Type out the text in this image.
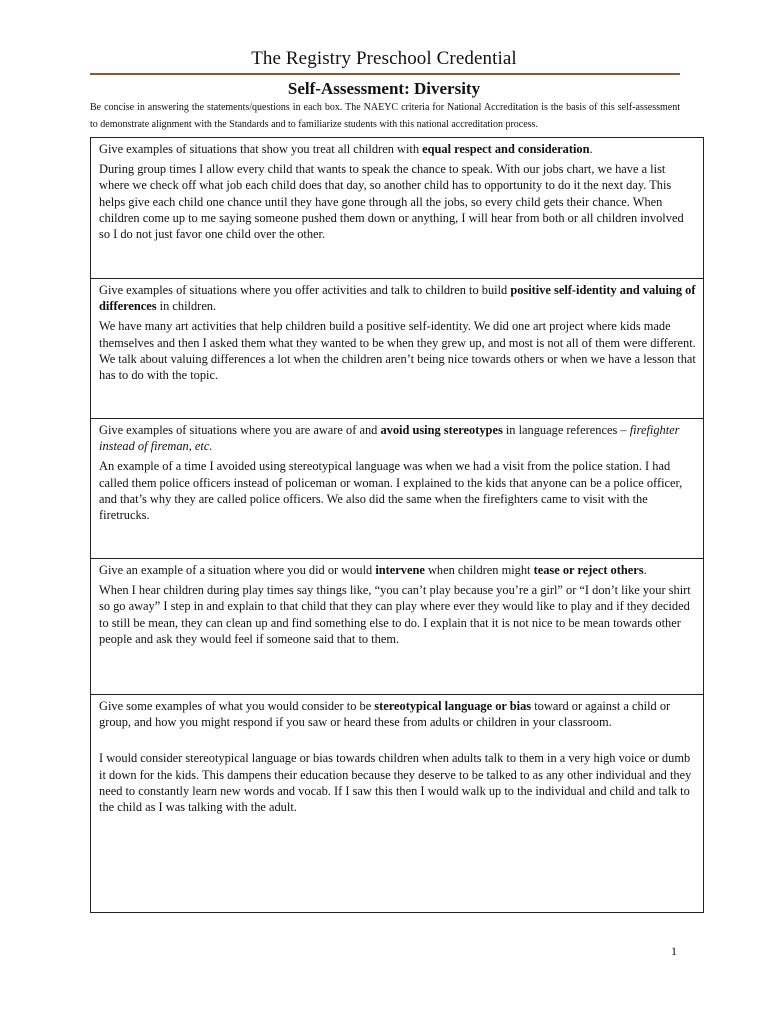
The Registry Preschool Credential
Self-Assessment: Diversity
Be concise in answering the statements/questions in each box. The NAEYC criteria for National Accreditation is the basis of this self-assessment to demonstrate alignment with the Standards and to familiarize students with this national accreditation process.

Give examples of situations that show you treat all children with equal respect and consideration.

During group times I allow every child that wants to speak the chance to speak. With our jobs chart, we have a list where we check off what job each child does that day, so another child has to opportunity to do it the next day. This helps give each child one chance until they have gone through all the jobs, so every child gets their chance. When children come up to me saying someone pushed them down or anything, I will hear from both or all children involved so I do not just favor one child over the other.

Give examples of situations where you offer activities and talk to children to build positive self-identity and valuing of differences in children.

We have many art activities that help children build a positive self-identity. We did one art project where kids made themselves and then I asked them what they wanted to be when they grew up, and most is not all of them were different. We talk about valuing differences a lot when the children aren’t being nice towards others or when we have a lesson that has to do with the topic.

Give examples of situations where you are aware of and avoid using stereotypes in language references – firefighter instead of fireman, etc.

An example of a time I avoided using stereotypical language was when we had a visit from the police station. I had called them police officers instead of policeman or woman. I explained to the kids that anyone can be a police officer, and that’s why they are called police officers. We also did the same when the firefighters came to visit with the firetrucks.

Give an example of a situation where you did or would intervene when children might tease or reject others.

When I hear children during play times say things like, “you can’t play because you’re a girl” or “I don’t like your shirt so go away” I step in and explain to that child that they can play where ever they would like to play and if they decided to still be mean, they can clean up and find something else to do. I explain that it is not nice to be mean towards other people and ask they would feel if someone said that to them.

Give some examples of what you would consider to be stereotypical language or bias toward or against a child or group, and how you might respond if you saw or heard these from adults or children in your classroom.

I would consider stereotypical language or bias towards children when adults talk to them in a very high voice or dumb it down for the kids. This dampens their education because they deserve to be talked to as any other individual and they need to constantly learn new words and vocab. If I saw this then I would walk up to the individual and child and talk to the child as I was talking with the adult.

1
